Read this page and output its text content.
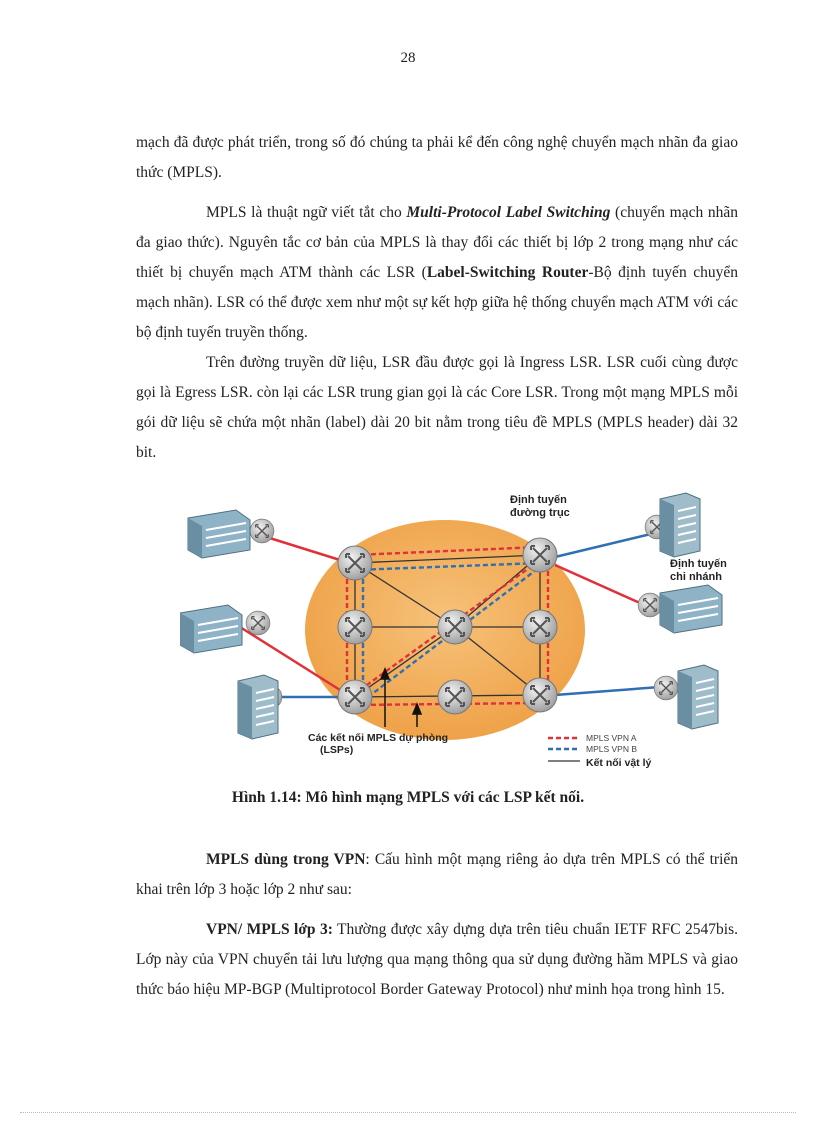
28

mạch đã được phát triển, trong số đó chúng ta phải kể đến công nghệ chuyển mạch nhãn đa giao thức (MPLS).

MPLS là thuật ngữ viết tắt cho Multi-Protocol Label Switching (chuyển mạch nhãn đa giao thức). Nguyên tắc cơ bản của MPLS là thay đổi các thiết bị lớp 2 trong mạng như các thiết bị chuyển mạch ATM thành các LSR (Label-Switching Router-Bộ định tuyến chuyển mạch nhãn). LSR có thể được xem như một sự kết hợp giữa hệ thống chuyển mạch ATM với các bộ định tuyến truyền thống.

Trên đường truyền dữ liệu, LSR đầu được gọi là Ingress LSR. LSR cuối cùng được gọi là Egress LSR. còn lại các LSR trung gian gọi là các Core LSR. Trong một mạng MPLS mỗi gói dữ liệu sẽ chứa một nhãn (label) dài 20 bit nằm trong tiêu đề MPLS (MPLS header) dài 32 bit.

Định tuyến
đường trục
Định tuyến
chi nhánh
Các kết nối MPLS dự phòng
(LSPs)
MPLS VPN A
MPLS VPN B
Kết nối vật lý
Hình 1.14: Mô hình mạng MPLS với các LSP kết nối.

MPLS dùng trong VPN: Cấu hình một mạng riêng ảo dựa trên MPLS có thể triển khai trên lớp 3 hoặc lớp 2 như sau:

VPN/ MPLS lớp 3: Thường được xây dựng dựa trên tiêu chuẩn IETF RFC 2547bis. Lớp này của VPN chuyển tải lưu lượng qua mạng thông qua sử dụng đường hầm MPLS và giao thức báo hiệu MP-BGP (Multiprotocol Border Gateway Protocol) như minh họa trong hình 15.
